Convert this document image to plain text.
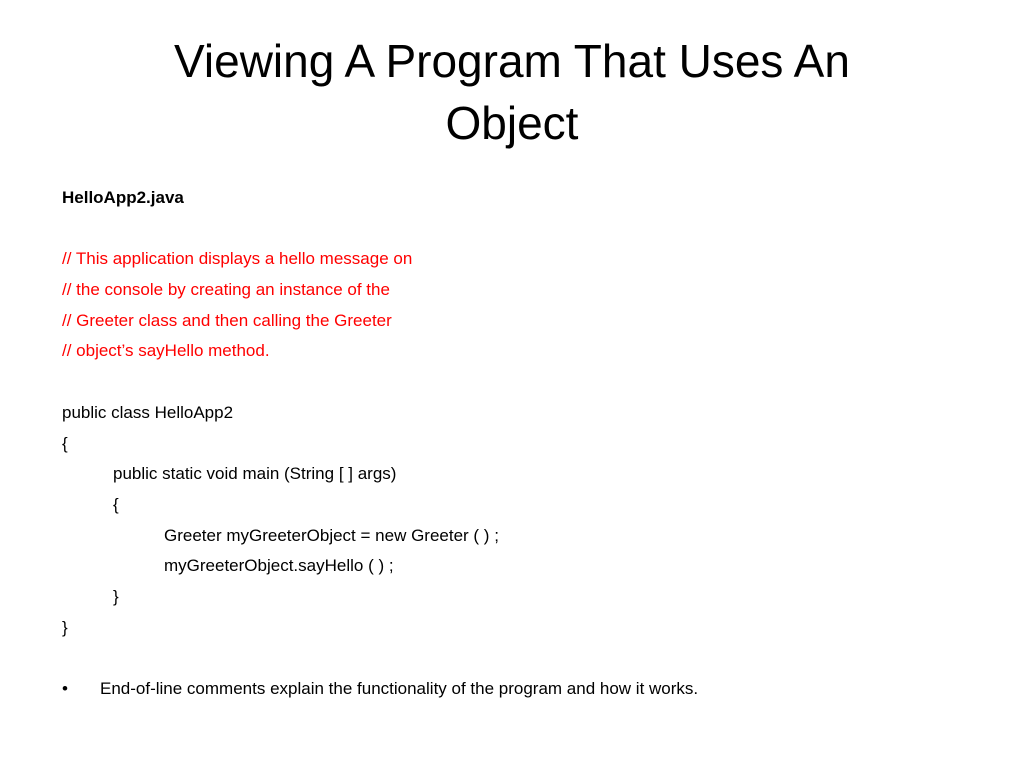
Viewing A Program That Uses An
Object
HelloApp2.java
// This application displays a hello message on
// the console by creating an instance of the
// Greeter class and then calling the Greeter
// object’s sayHello method.
public class HelloApp2
{
public static void main (String [ ] args)
{
Greeter myGreeterObject = new Greeter ( ) ;
myGreeterObject.sayHello ( ) ;
}
}
• End-of-line comments explain the functionality of the program and how it works.
